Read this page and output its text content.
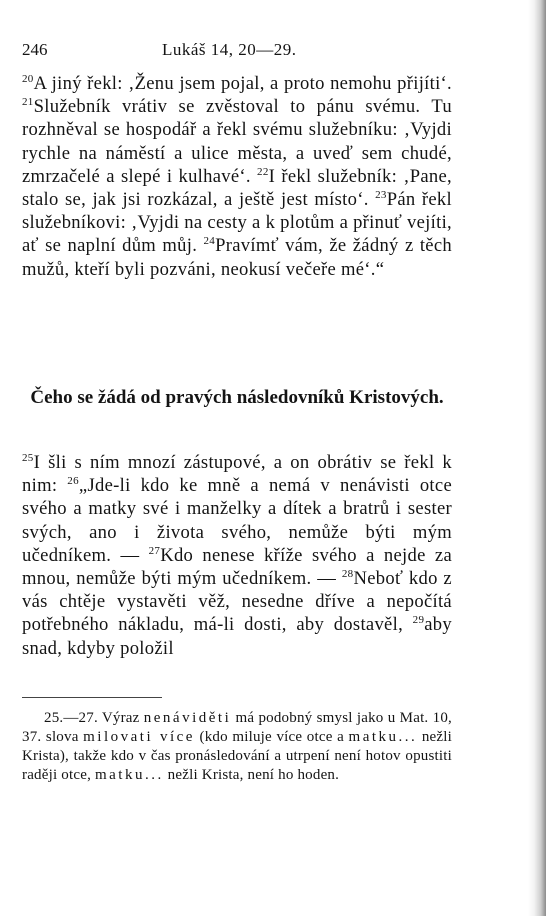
246	Lukáš 14, 20—29.

$^{20}$A jiný řekl: ‚Ženu jsem pojal, a proto nemohu přijíti‘. $^{21}$Služebník vrátiv se zvěstoval to pánu svému. Tu rozhněval se hospodář a řekl svému služebníku: ‚Vyjdi rychle na náměstí a ulice města, a uveď sem chudé, zmrzačelé a slepé i kulhavé‘. $^{22}$I řekl služebník: ‚Pane, stalo se, jak jsi rozkázal, a ještě jest místo‘. $^{23}$Pán řekl služebníkovi: ‚Vyjdi na cesty a k plotům a přinuť vejíti, ať se naplní dům můj. $^{24}$Pravímť vám, že žádný z těch mužů, kteří byli pozváni, neokusí večeře mé‘.“

Čeho se žádá od pravých následovníků Kristových.

$^{25}$I šli s ním mnozí zástupové, a on obrátiv se řekl k nim: $^{26}$„Jde-li kdo ke mně a nemá v nenávisti otce svého a matky své i manželky a dítek a bratrů i sester svých, ano i života svého, nemůže býti mým učedníkem. — $^{27}$Kdo nenese kříže svého a nejde za mnou, nemůže býti mým učedníkem. — $^{28}$Neboť kdo z vás chtěje vystavěti věž, nesedne dříve a nepočítá potřebného nákladu, má-li dosti, aby dostavěl, $^{29}$aby snad, kdyby položil

25.—27. Výraz nenáviděti má podobný smysl jako u Mat. 10, 37. slova milovati více (kdo miluje více otce a matku... nežli Krista), takže kdo v čas pronásledování a utrpení není hotov opustiti raději otce, matku... nežli Krista, není ho hoden.
